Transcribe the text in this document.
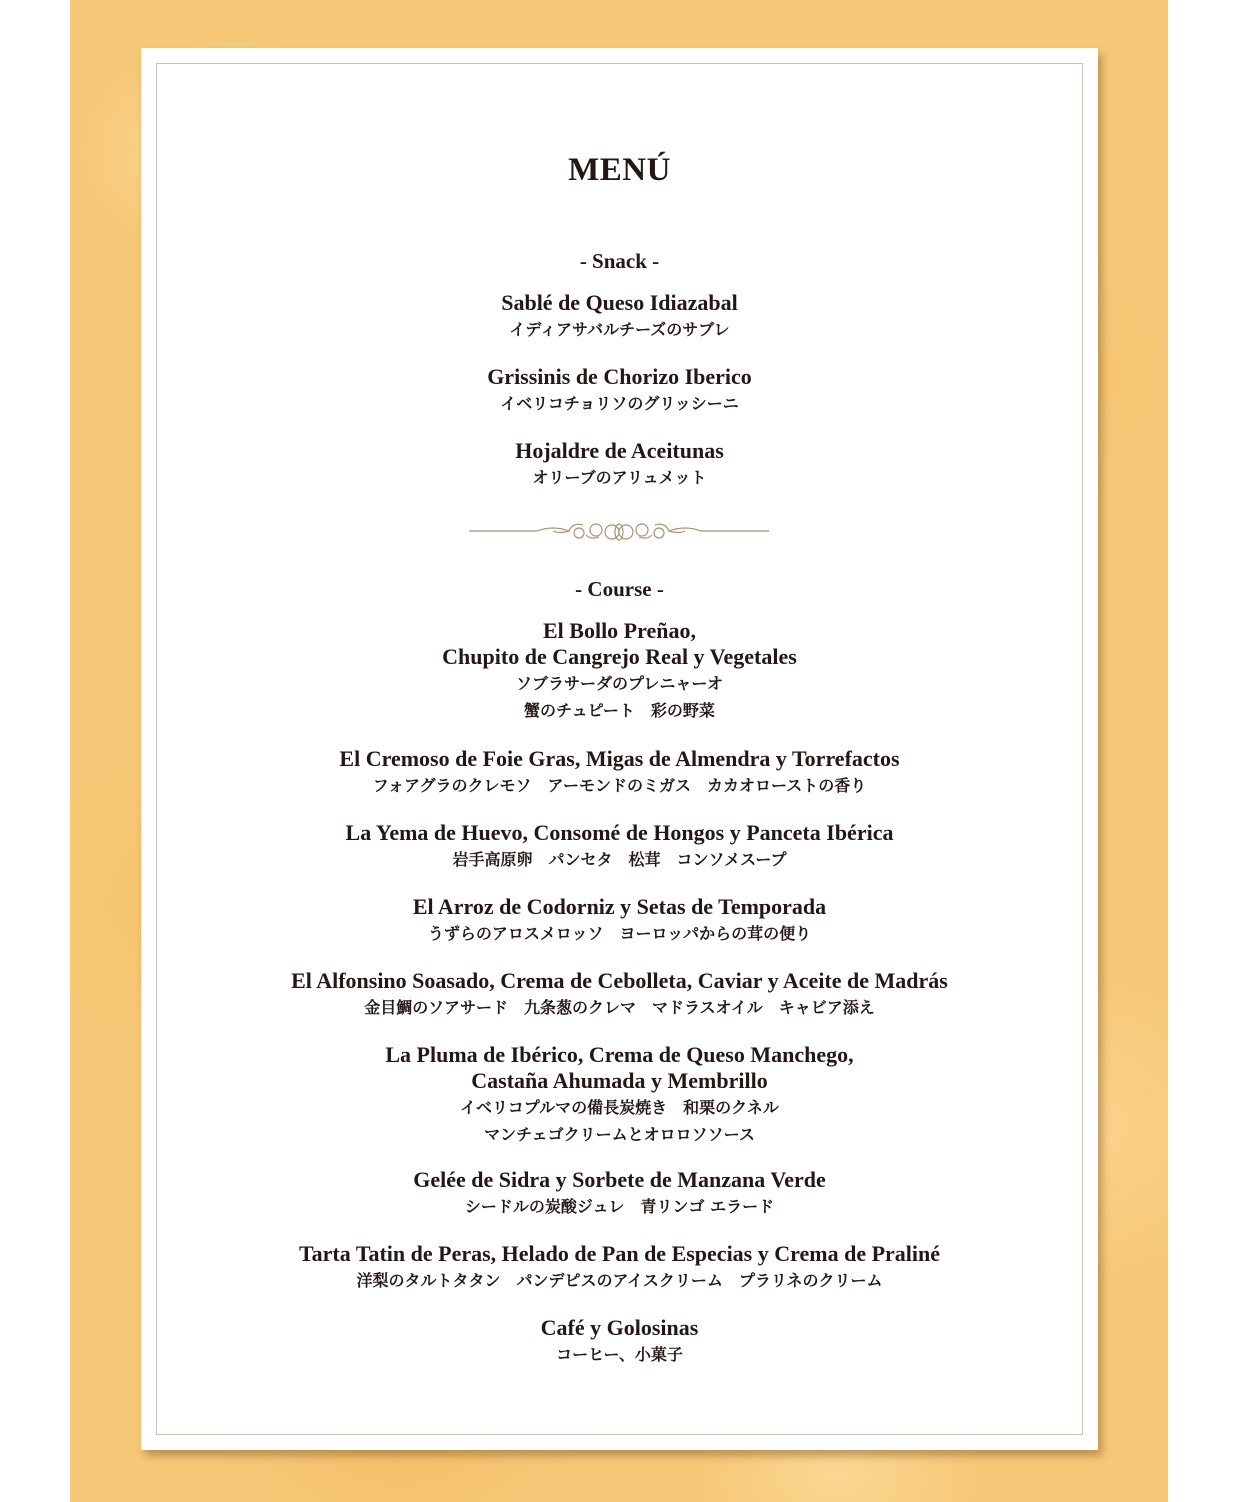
MENÚ
- Snack -
Sablé de Queso Idiazabal
イディアサバルチーズのサブレ
Grissinis de Chorizo Iberico
イベリコチョリソのグリッシーニ
Hojaldre de Aceitunas
オリーブのアリュメット
- Course -
El Bollo Preñao,
Chupito de Cangrejo Real y Vegetales
ソブラサーダのプレニャーオ
蟹のチュピート　彩の野菜
El Cremoso de Foie Gras, Migas de Almendra y Torrefactos
フォアグラのクレモソ　アーモンドのミガス　カカオローストの香り
La Yema de Huevo, Consomé de Hongos y Panceta Ibérica
岩手高原卵　パンセタ　松茸　コンソメスープ
El Arroz de Codorniz y Setas de Temporada
うずらのアロスメロッソ　ヨーロッパからの茸の便り
El Alfonsino Soasado, Crema de Cebolleta, Caviar y Aceite de Madrás
金目鯛のソアサード　九条葱のクレマ　マドラスオイル　キャビア添え
La Pluma de Ibérico, Crema de Queso Manchego,
Castaña Ahumada y Membrillo
イベリコプルマの備長炭焼き　和栗のクネル
マンチェゴクリームとオロロソソース
Gelée de Sidra y Sorbete de Manzana Verde
シードルの炭酸ジュレ　青リンゴ エラード
Tarta Tatin de Peras, Helado de Pan de Especias y Crema de Praliné
洋梨のタルトタタン　パンデピスのアイスクリーム　プラリネのクリーム
Café y Golosinas
コーヒー、小菓子
